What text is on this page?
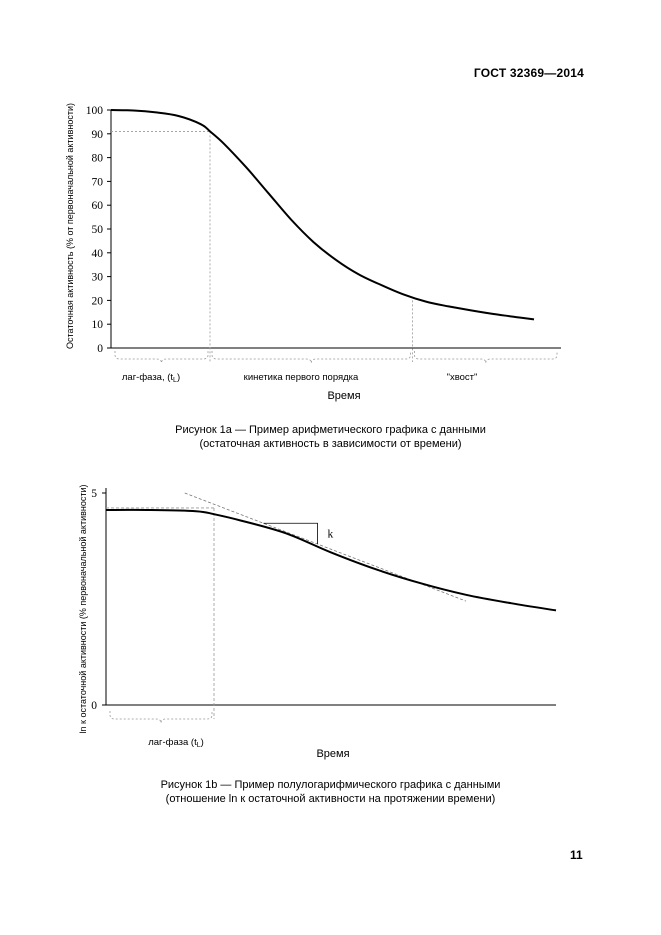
ГОСТ 32369—2014
Остаточная активность (% от первоначальной активности)
0
10
20
30
40
50
60
70
80
90
100
лаг-фаза, $(t_L)$	кинетика первого порядка	"хвост"
Время
ln к остаточной активности (% первоначальной активности) 0
5
k
лаг-фаза $(t_L)$
Время
Рисунок 1а — Пример арифметического графика с данными
(остаточная активность в зависимости от времени)
Рисунок 1b — Пример полулогарифмического графика с данными
(отношение ln к остаточной активности на протяжении времени)
11
